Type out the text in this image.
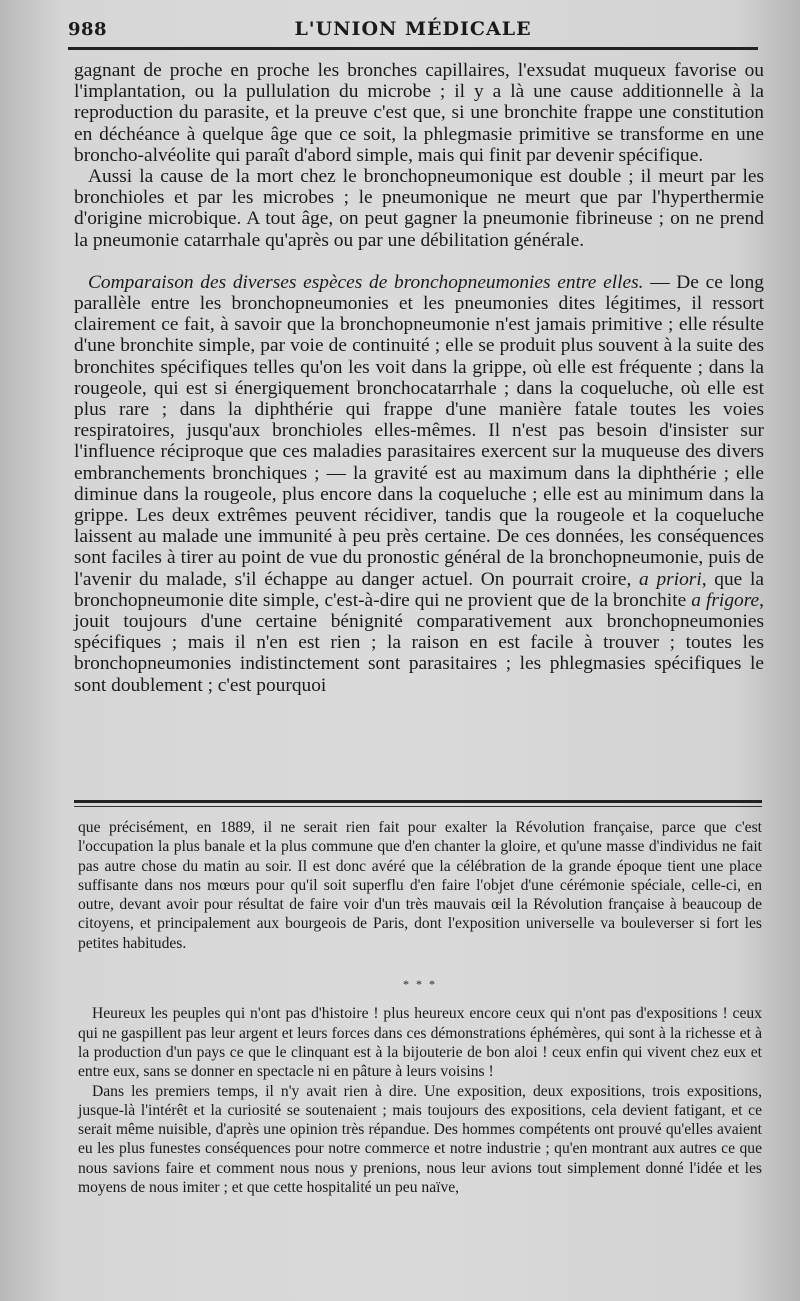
988	L'UNION MÉDICALE

gagnant de proche en proche les bronches capillaires, l'exsudat muqueux favorise ou l'implantation, ou la pullulation du microbe ; il y a là une cause additionnelle à la reproduction du parasite, et la preuve c'est que, si une bronchite frappe une constitution en déchéance à quelque âge que ce soit, la phlegmasie primitive se transforme en une broncho-alvéolite qui paraît d'abord simple, mais qui finit par devenir spécifique.

Aussi la cause de la mort chez le bronchopneumonique est double ; il meurt par les bronchioles et par les microbes ; le pneumonique ne meurt que par l'hyperthermie d'origine microbique. A tout âge, on peut gagner la pneumonie fibrineuse ; on ne prend la pneumonie catarrhale qu'après ou par une débilitation générale.

Comparaison des diverses espèces de bronchopneumonies entre elles. — De ce long parallèle entre les bronchopneumonies et les pneumonies dites légitimes, il ressort clairement ce fait, à savoir que la bronchopneumonie n'est jamais primitive ; elle résulte d'une bronchite simple, par voie de continuité ; elle se produit plus souvent à la suite des bronchites spécifiques telles qu'on les voit dans la grippe, où elle est fréquente ; dans la rougeole, qui est si énergiquement bronchocatarrhale ; dans la coqueluche, où elle est plus rare ; dans la diphthérie qui frappe d'une manière fatale toutes les voies respiratoires, jusqu'aux bronchioles elles-mêmes. Il n'est pas besoin d'insister sur l'influence réciproque que ces maladies parasitaires exercent sur la muqueuse des divers embranchements bronchiques ; — la gravité est au maximum dans la diphthérie ; elle diminue dans la rougeole, plus encore dans la coqueluche ; elle est au minimum dans la grippe. Les deux extrêmes peuvent récidiver, tandis que la rougeole et la coqueluche laissent au malade une immunité à peu près certaine. De ces données, les conséquences sont faciles à tirer au point de vue du pronostic général de la bronchopneumonie, puis de l'avenir du malade, s'il échappe au danger actuel. On pourrait croire, a priori, que la bronchopneumonie dite simple, c'est-à-dire qui ne provient que de la bronchite a frigore, jouit toujours d'une certaine bénignité comparativement aux bronchopneumonies spécifiques ; mais il n'en est rien ; la raison en est facile à trouver ; toutes les bronchopneumonies indistinctement sont parasitaires ; les phlegmasies spécifiques le sont doublement ; c'est pourquoi

que précisément, en 1889, il ne serait rien fait pour exalter la Révolution française, parce que c'est l'occupation la plus banale et la plus commune que d'en chanter la gloire, et qu'une masse d'individus ne fait pas autre chose du matin au soir. Il est donc avéré que la célébration de la grande époque tient une place suffisante dans nos mœurs pour qu'il soit superflu d'en faire l'objet d'une cérémonie spéciale, celle-ci, en outre, devant avoir pour résultat de faire voir d'un très mauvais œil la Révolution française à beaucoup de citoyens, et principalement aux bourgeois de Paris, dont l'exposition universelle va bouleverser si fort les petites habitudes.

* * *

Heureux les peuples qui n'ont pas d'histoire ! plus heureux encore ceux qui n'ont pas d'expositions ! ceux qui ne gaspillent pas leur argent et leurs forces dans ces démonstrations éphémères, qui sont à la richesse et à la production d'un pays ce que le clinquant est à la bijouterie de bon aloi ! ceux enfin qui vivent chez eux et entre eux, sans se donner en spectacle ni en pâture à leurs voisins !

Dans les premiers temps, il n'y avait rien à dire. Une exposition, deux expositions, trois expositions, jusque-là l'intérêt et la curiosité se soutenaient ; mais toujours des expositions, cela devient fatigant, et ce serait même nuisible, d'après une opinion très répandue. Des hommes compétents ont prouvé qu'elles avaient eu les plus funestes conséquences pour notre commerce et notre industrie ; qu'en montrant aux autres ce que nous savions faire et comment nous nous y prenions, nous leur avions tout simplement donné l'idée et les moyens de nous imiter ; et que cette hospitalité un peu naïve,
